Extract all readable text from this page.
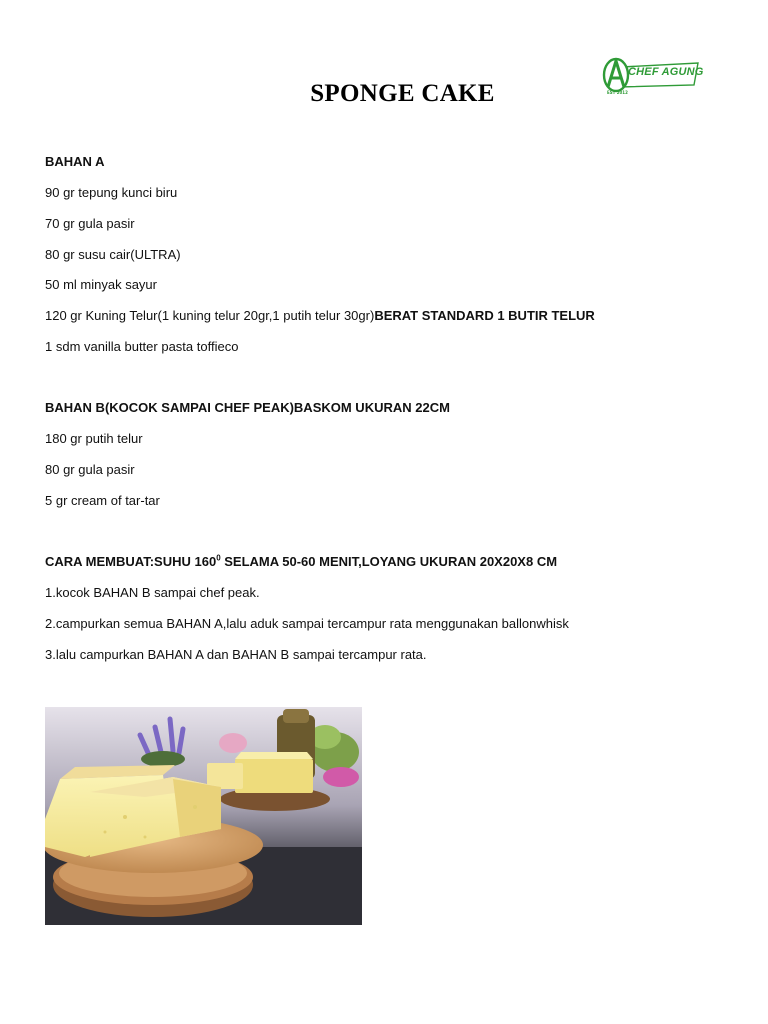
CHEF AGUNG
EST 2012
SPONGE CAKE
BAHAN A
90 gr tepung kunci biru
70 gr gula pasir
80 gr susu cair(ULTRA)
50 ml minyak sayur
120 gr Kuning Telur(1 kuning telur 20gr,1 putih telur 30gr)BERAT STANDARD 1 BUTIR TELUR
1 sdm vanilla butter pasta toffieco
BAHAN B(KOCOK SAMPAI CHEF PEAK)BASKOM UKURAN 22CM
180 gr putih telur
80 gr gula pasir
5 gr cream of tar-tar
CARA MEMBUAT:SUHU $160^0$ SELAMA 50-60 MENIT,LOYANG UKURAN 20X20X8 CM
1.kocok BAHAN B sampai chef peak.
2.campurkan semua BAHAN A,lalu aduk sampai tercampur rata menggunakan ballonwhisk
3.lalu campurkan BAHAN A dan BAHAN B sampai tercampur rata.
